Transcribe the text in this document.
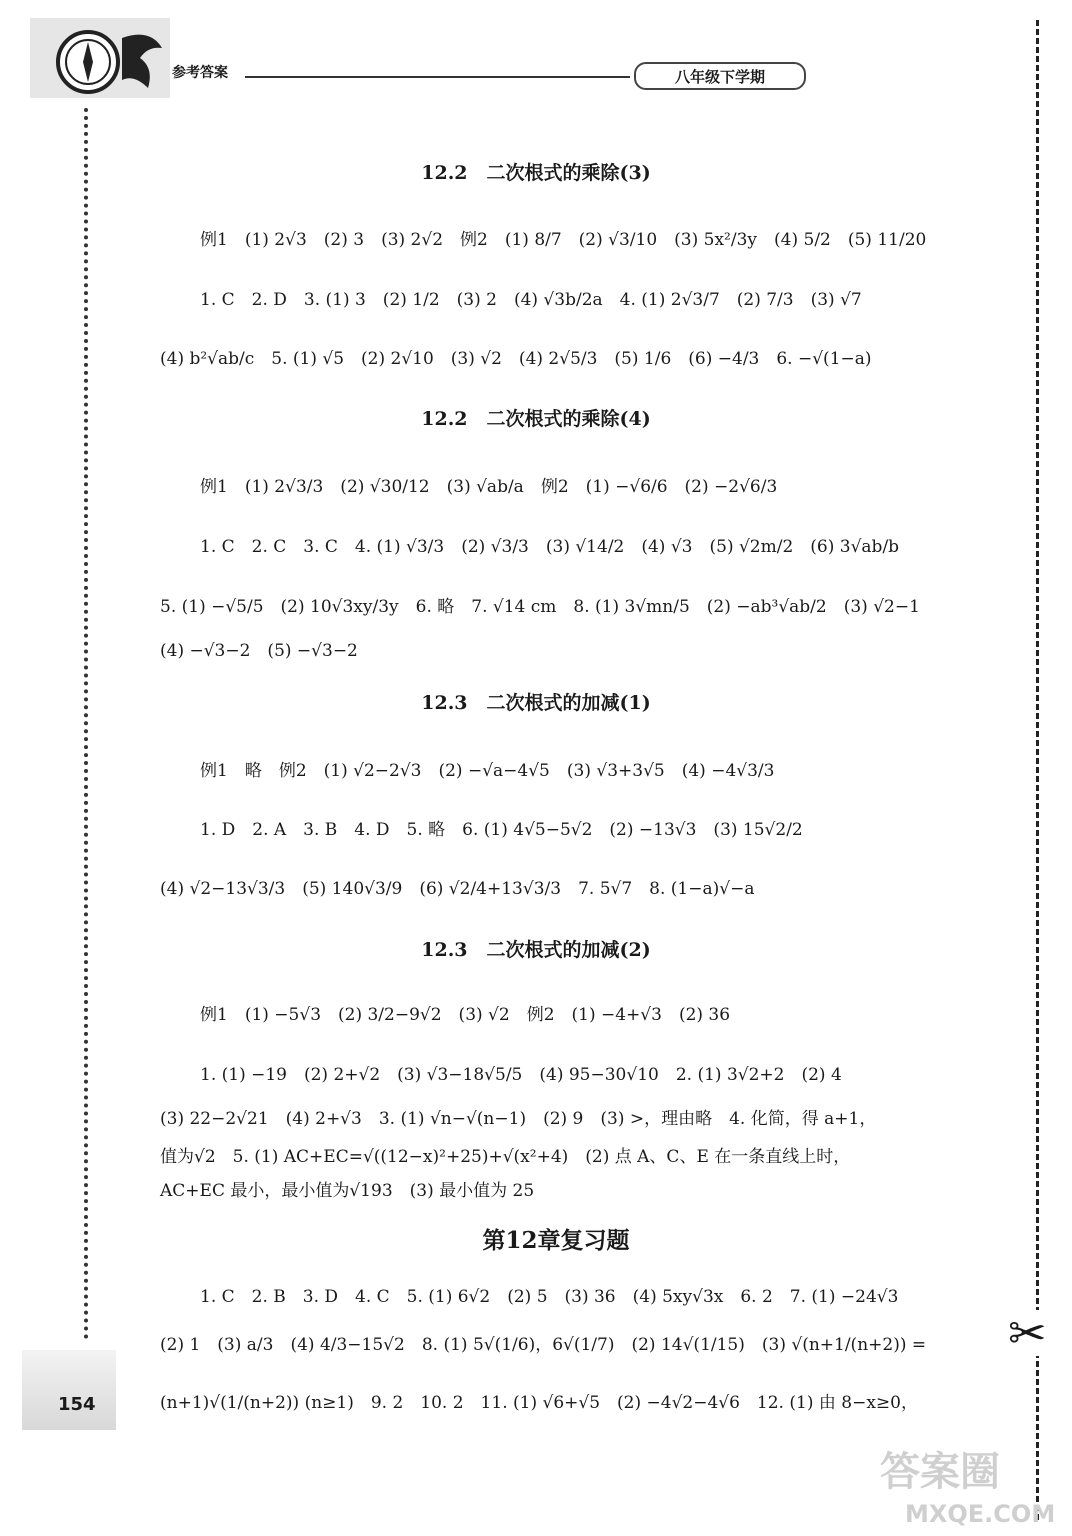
参考答案	八年级下学期
154
✂
答案圈
MXQE.COM
12.2　二次根式的乘除(3)
例1　(1) 2√3　(2) 3　(3) 2√2　例2　(1) 8/7　(2) √3/10　(3) 5x²/3y　(4) 5/2　(5) 11/20
1. C　2. D　3. (1) 3　(2) 1/2　(3) 2　(4) √3b/2a　4. (1) 2√3/7　(2) 7/3　(3) √7
(4) b²√ab/c　5. (1) √5　(2) 2√10　(3) √2　(4) 2√5/3　(5) 1/6　(6) −4/3　6. −√(1−a)
12.2　二次根式的乘除(4)
例1　(1) 2√3/3　(2) √30/12　(3) √ab/a　例2　(1) −√6/6　(2) −2√6/3
1. C　2. C　3. C　4. (1) √3/3　(2) √3/3　(3) √14/2　(4) √3　(5) √2m/2　(6) 3√ab/b
5. (1) −√5/5　(2) 10√3xy/3y　6. 略　7. √14 cm　8. (1) 3√mn/5　(2) −ab³√ab/2　(3) √2−1
(4) −√3−2　(5) −√3−2
12.3　二次根式的加减(1)
例1　略　例2　(1) √2−2√3　(2) −√a−4√5　(3) √3+3√5　(4) −4√3/3
1. D　2. A　3. B　4. D　5. 略　6. (1) 4√5−5√2　(2) −13√3　(3) 15√2/2
(4) √2−13√3/3　(5) 140√3/9　(6) √2/4+13√3/3　7. 5√7　8. (1−a)√−a
12.3　二次根式的加减(2)
例1　(1) −5√3　(2) 3/2−9√2　(3) √2　例2　(1) −4+√3　(2) 36
1. (1) −19　(2) 2+√2　(3) √3−18√5/5　(4) 95−30√10　2. (1) 3√2+2　(2) 4
(3) 22−2√21　(4) 2+√3　3. (1) √n−√(n−1)　(2) 9　(3) >，理由略　4. 化简，得 a+1，
值为√2　5. (1) AC+EC=√((12−x)²+25)+√(x²+4)　(2) 点 A、C、E 在一条直线上时，
AC+EC 最小，最小值为√193　(3) 最小值为 25
第12章复习题
1. C　2. B　3. D　4. C　5. (1) 6√2　(2) 5　(3) 36　(4) 5xy√3x　6. 2　7. (1) −24√3
(2) 1　(3) a/3　(4) 4/3−15√2　8. (1) 5√(1/6)，6√(1/7)　(2) 14√(1/15)　(3) √(n+1/(n+2)) =
(n+1)√(1/(n+2)) (n≥1)　9. 2　10. 2　11. (1) √6+√5　(2) −4√2−4√6　12. (1) 由 8−x≥0，
